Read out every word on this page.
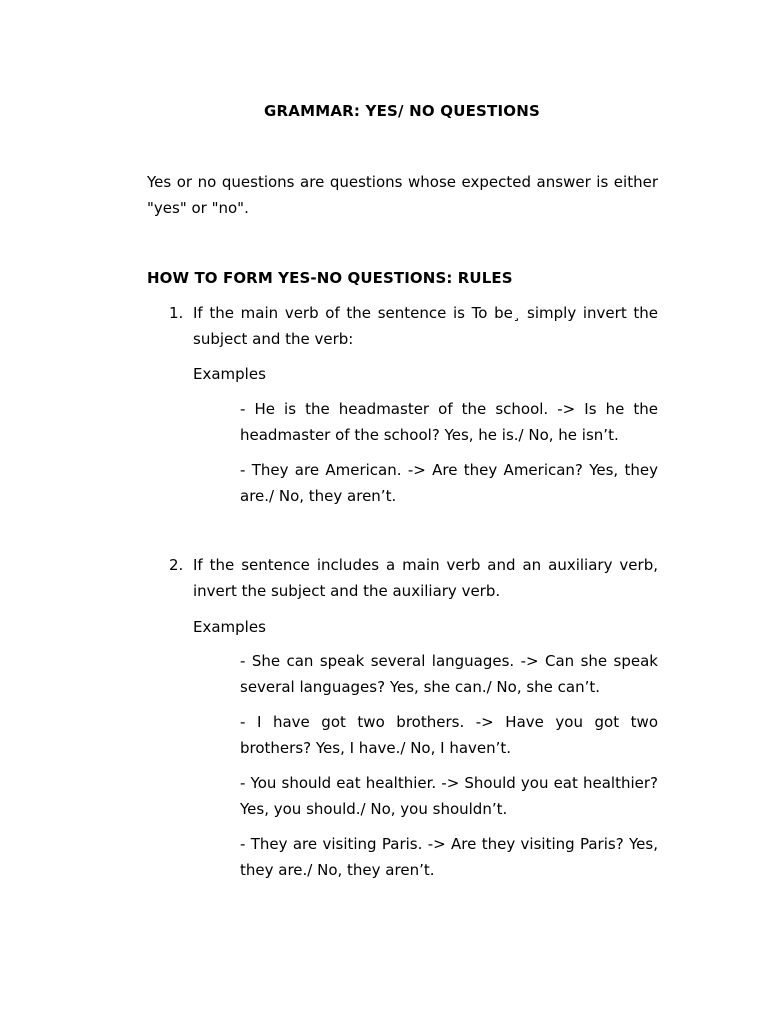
GRAMMAR: YES/ NO QUESTIONS
Yes or no questions are questions whose expected answer is either "yes" or "no".
HOW TO FORM YES-NO QUESTIONS: RULES
1. If the main verb of the sentence is To be¸ simply invert the subject and the verb:
Examples
- He is the headmaster of the school. -> Is he the headmaster of the school? Yes, he is./ No, he isn’t.
- They are American. -> Are they American? Yes, they are./ No, they aren’t.
2. If the sentence includes a main verb and an auxiliary verb, invert the subject and the auxiliary verb.
Examples
- She can speak several languages. -> Can she speak several languages? Yes, she can./ No, she can’t.
- I have got two brothers. -> Have you got two brothers? Yes, I have./ No, I haven’t.
- You should eat healthier. -> Should you eat healthier? Yes, you should./ No, you shouldn’t.
- They are visiting Paris. -> Are they visiting Paris? Yes, they are./ No, they aren’t.
